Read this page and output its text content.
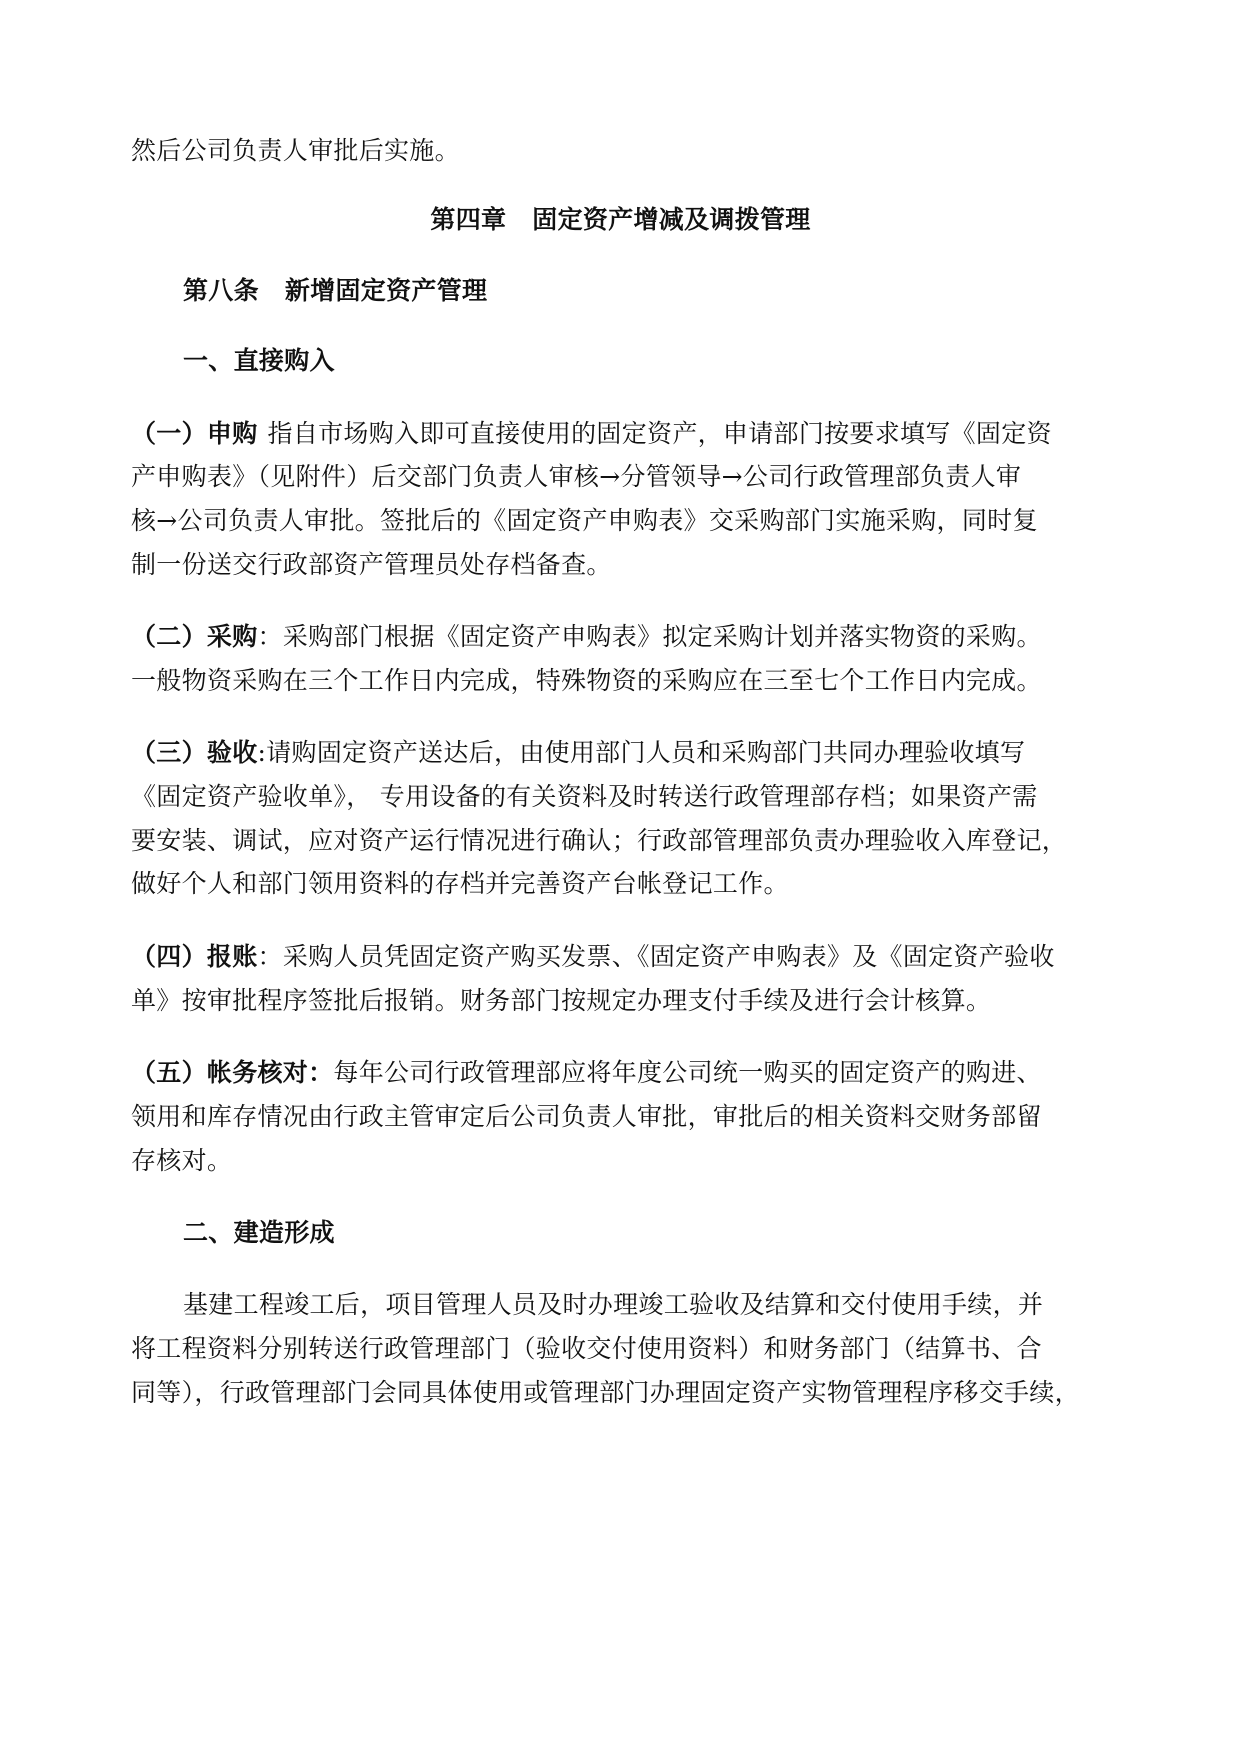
然后公司负责人审批后实施。
第四章 固定资产增减及调拨管理
第八条 新增固定资产管理
一、直接购入
（一）申购 指自市场购入即可直接使用的固定资产，申请部门按要求填写《固定资
产申购表》（见附件）后交部门负责人审核→分管领导→公司行政管理部负责人审
核→公司负责人审批。签批后的《固定资产申购表》交采购部门实施采购，同时复
制一份送交行政部资产管理员处存档备查。
（二）采购：采购部门根据《固定资产申购表》拟定采购计划并落实物资的采购。
一般物资采购在三个工作日内完成，特殊物资的采购应在三至七个工作日内完成。
（三）验收:请购固定资产送达后，由使用部门人员和采购部门共同办理验收填写
《固定资产验收单》， 专用设备的有关资料及时转送行政管理部存档；如果资产需
要安装、调试，应对资产运行情况进行确认；行政部管理部负责办理验收入库登记，
做好个人和部门领用资料的存档并完善资产台帐登记工作。
（四）报账：采购人员凭固定资产购买发票、《固定资产申购表》及《固定资产验收
单》按审批程序签批后报销。财务部门按规定办理支付手续及进行会计核算。
（五）帐务核对：每年公司行政管理部应将年度公司统一购买的固定资产的购进、
领用和库存情况由行政主管审定后公司负责人审批，审批后的相关资料交财务部留
存核对。
二、建造形成
基建工程竣工后，项目管理人员及时办理竣工验收及结算和交付使用手续，并
将工程资料分别转送行政管理部门（验收交付使用资料）和财务部门（结算书、合
同等），行政管理部门会同具体使用或管理部门办理固定资产实物管理程序移交手续，
